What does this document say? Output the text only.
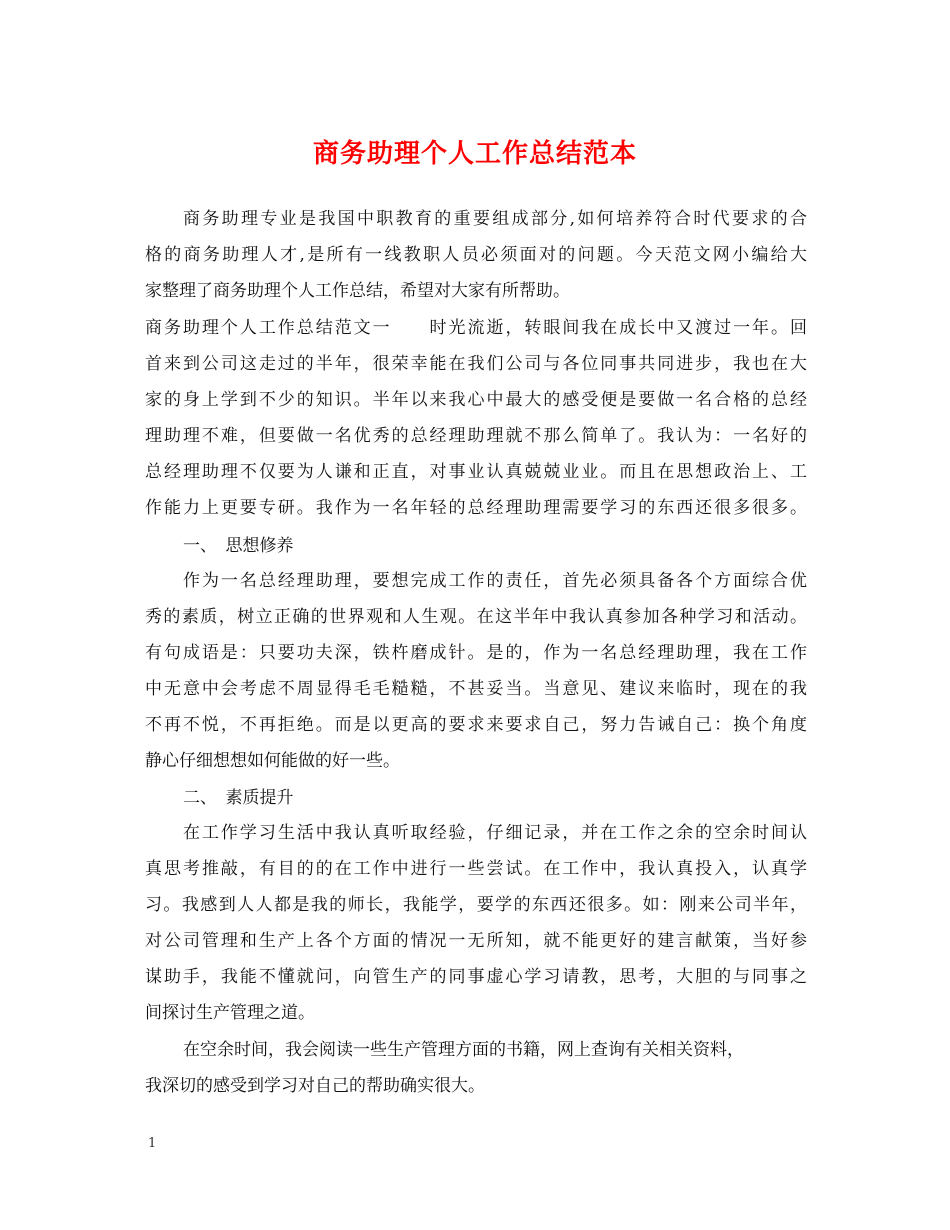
商务助理个人工作总结范本
商务助理专业是我国中职教育的重要组成部分,如何培养符合时代要求的合
格的商务助理人才,是所有一线教职人员必须面对的问题。今天范文网小编给大
家整理了商务助理个人工作总结，希望对大家有所帮助。
商务助理个人工作总结范文一　　时光流逝，转眼间我在成长中又渡过一年。回
首来到公司这走过的半年，很荣幸能在我们公司与各位同事共同进步，我也在大
家的身上学到不少的知识。半年以来我心中最大的感受便是要做一名合格的总经
理助理不难，但要做一名优秀的总经理助理就不那么简单了。我认为：一名好的
总经理助理不仅要为人谦和正直，对事业认真兢兢业业。而且在思想政治上、工
作能力上更要专研。我作为一名年轻的总经理助理需要学习的东西还很多很多。
一、　思想修养
作为一名总经理助理，要想完成工作的责任，首先必须具备各个方面综合优
秀的素质，树立正确的世界观和人生观。在这半年中我认真参加各种学习和活动。
有句成语是：只要功夫深，铁杵磨成针。是的，作为一名总经理助理，我在工作
中无意中会考虑不周显得毛毛糙糙，不甚妥当。当意见、建议来临时，现在的我
不再不悦，不再拒绝。而是以更高的要求来要求自己，努力告诫自己：换个角度
静心仔细想想如何能做的好一些。
二、　素质提升
在工作学习生活中我认真听取经验，仔细记录，并在工作之余的空余时间认
真思考推敲，有目的的在工作中进行一些尝试。在工作中，我认真投入，认真学
习。我感到人人都是我的师长，我能学，要学的东西还很多。如：刚来公司半年，
对公司管理和生产上各个方面的情况一无所知，就不能更好的建言献策，当好参
谋助手，我能不懂就问，向管生产的同事虚心学习请教，思考，大胆的与同事之
间探讨生产管理之道。
在空余时间，我会阅读一些生产管理方面的书籍，网上查询有关相关资料，
我深切的感受到学习对自己的帮助确实很大。
1
